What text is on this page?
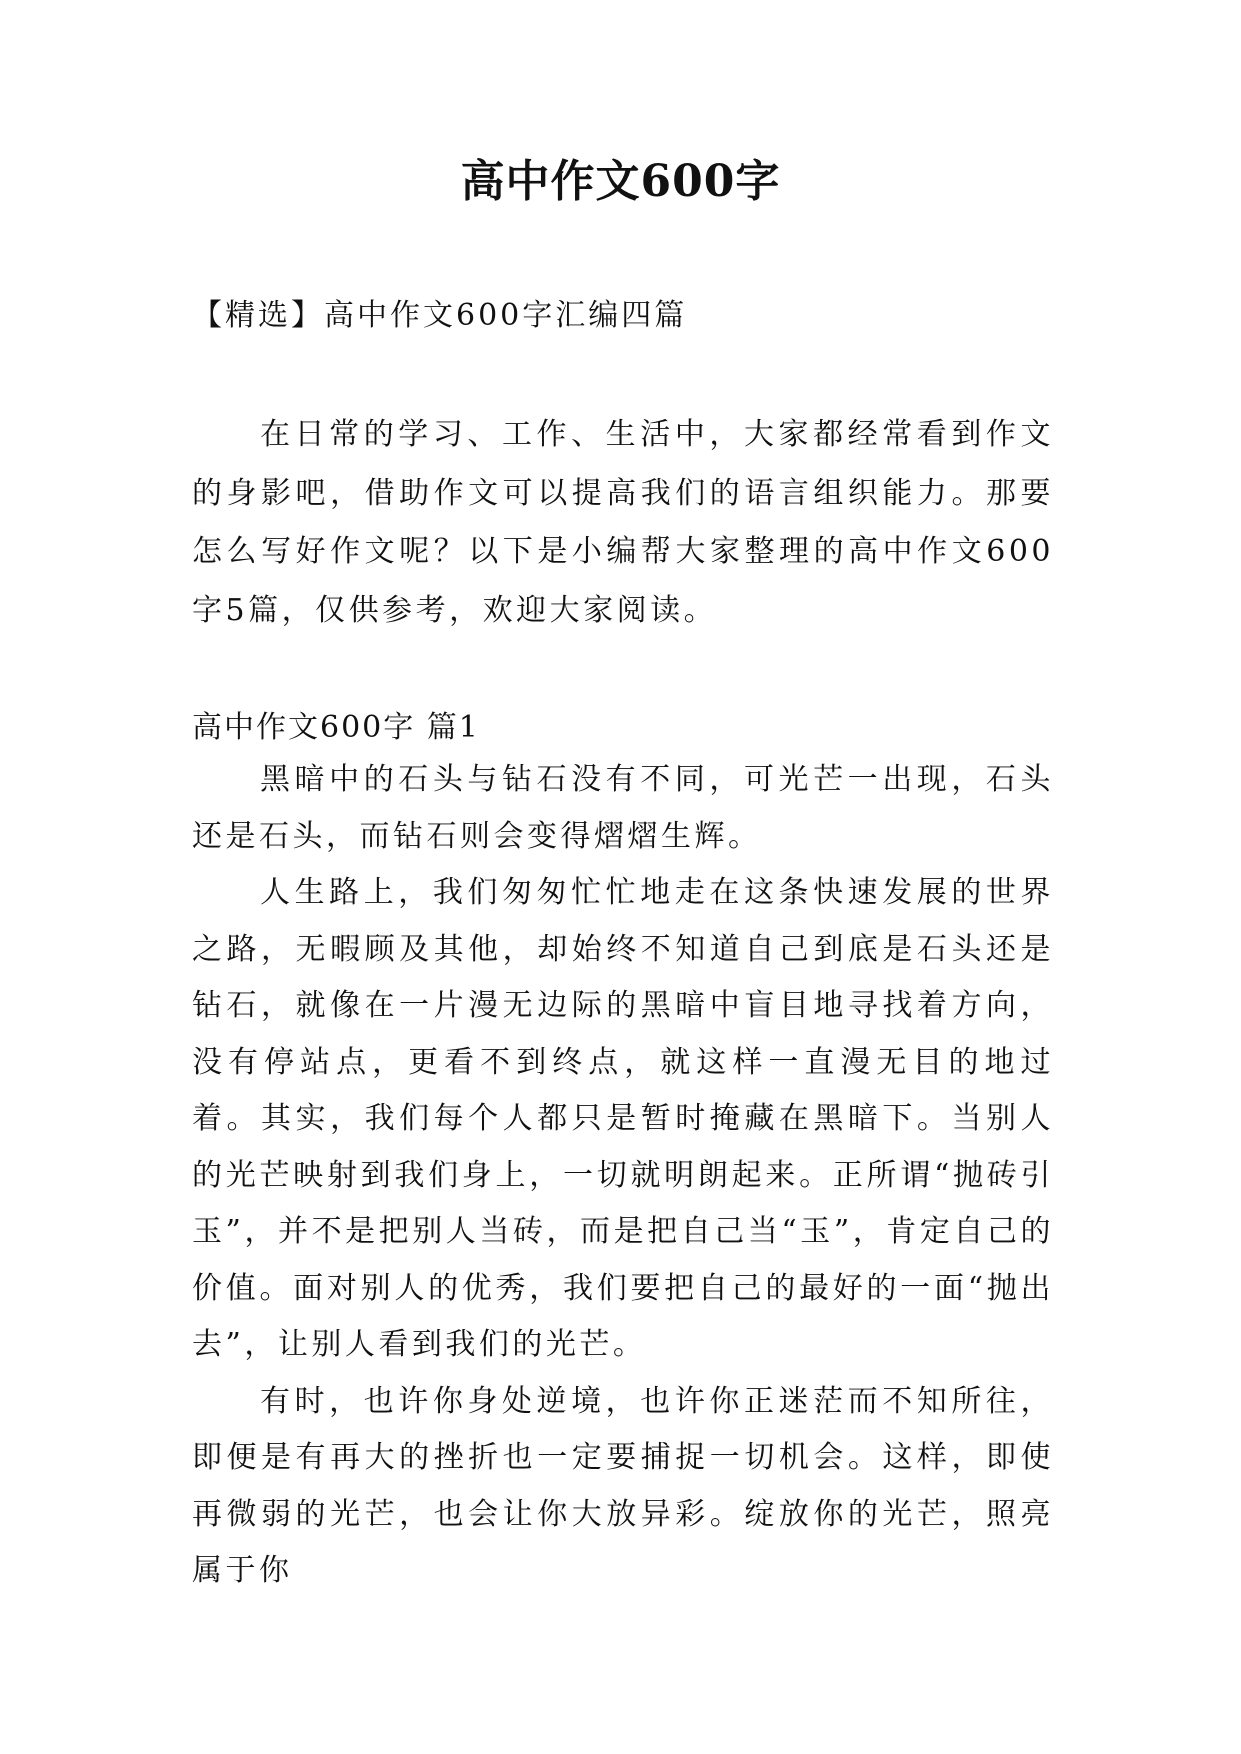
高中作文600字
【精选】高中作文600字汇编四篇

在日常的学习、工作、生活中，大家都经常看到作文的身影吧，借助作文可以提高我们的语言组织能力。那要怎么写好作文呢？以下是小编帮大家整理的高中作文600字5篇，仅供参考，欢迎大家阅读。

高中作文600字 篇1

黑暗中的石头与钻石没有不同，可光芒一出现，石头还是石头，而钻石则会变得熠熠生辉。

人生路上，我们匆匆忙忙地走在这条快速发展的世界之路，无暇顾及其他，却始终不知道自己到底是石头还是钻石，就像在一片漫无边际的黑暗中盲目地寻找着方向，没有停站点，更看不到终点，就这样一直漫无目的地过着。其实，我们每个人都只是暂时掩藏在黑暗下。当别人的光芒映射到我们身上，一切就明朗起来。正所谓“抛砖引玉”，并不是把别人当砖，而是把自己当“玉”，肯定自己的价值。面对别人的优秀，我们要把自己的最好的一面“抛出去”，让别人看到我们的光芒。

有时，也许你身处逆境，也许你正迷茫而不知所往，即便是有再大的挫折也一定要捕捉一切机会。这样，即使再微弱的光芒，也会让你大放异彩。绽放你的光芒，照亮属于你
